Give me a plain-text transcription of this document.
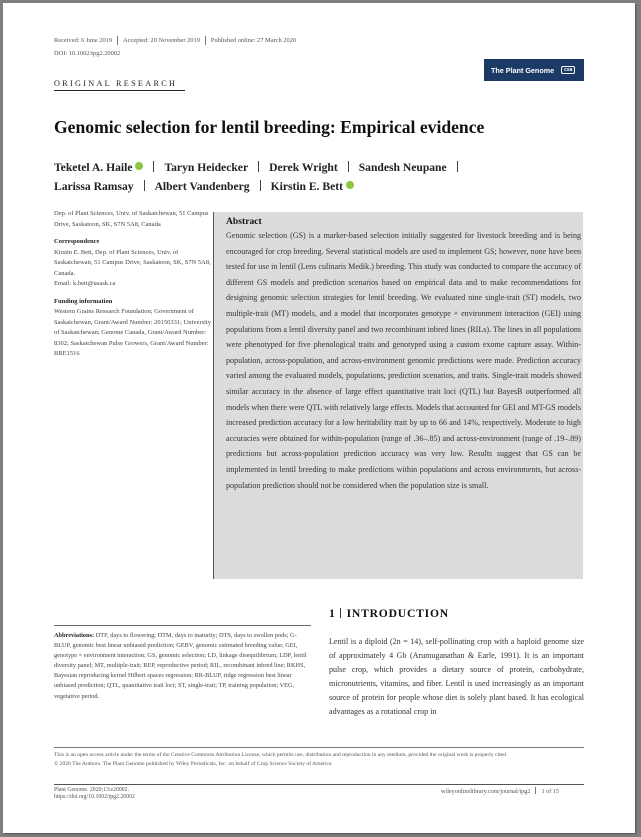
Received: 6 June 2019 Accepted: 20 November 2019 Published online: 27 March 2020
DOI: 10.1002/tpg2.20002
The Plant Genome	csa
ORIGINAL RESEARCH
Genomic selection for lentil breeding: Empirical evidence
Teketel A. Haile	Taryn Heidecker Derek Wright Sandesh Neupane
Larissa Ramsay Albert Vandenberg Kirstin E. Bett
Dep. of Plant Sciences, Univ. of Saskatchewan, 51 Campus Drive, Saskatoon, SK, S7N 5A8, Canada
Correspondence
Kirstin E. Bett, Dep. of Plant Sciences, Univ. of Saskatchewan, 51 Campus Drive, Saskatoon, SK, S7N 5A8, Canada.
Email: k.bett@usask.ca
Funding information
Western Grains Research Foundation; Government of Saskatchewan, Grant/Award Number: 20150331; University of Saskatchewan; Genome Canada, Grant/Award Number: 8302; Saskatchewan Pulse Growers, Grant/Award Number: BRE1516
Abstract
Genomic selection (GS) is a marker-based selection initially suggested for livestock breeding and is being encouraged for crop breeding. Several statistical models are used to implement GS; however, none have been tested for use in lentil (Lens culinaris Medik.) breeding. This study was conducted to compare the accuracy of different GS models and prediction scenarios based on empirical data and to make recommendations for designing genomic selection strategies for lentil breeding. We evaluated nine single-trait (ST) models, two multiple-trait (MT) models, and a model that incorporates genotype × environment interaction (GEI) using populations from a lentil diversity panel and two recombinant inbred lines (RILs). The lines in all populations were phenotyped for five phenological traits and genotyped using a custom exome capture assay. Within-population, across-population, and across-environment genomic predictions were made. Prediction accuracy varied among the evaluated models, populations, prediction scenarios, and traits. Single-trait models showed similar accuracy in the absence of large effect quantitative trait loci (QTL) but BayesB outperformed all models when there were QTL with relatively large effects. Models that accounted for GEI and MT-GS models increased prediction accuracy for a low heritability trait by up to 66 and 14%, respectively. Moderate to high accuracies were obtained for within-population (range of .36–.85) and across-environment (range of .19–.89) predictions but across-population prediction accuracy was very low. Results suggest that GS can be implemented in lentil breeding to make predictions within populations and across environments, but across-population prediction should not be considered when the population size is small.
Abbreviations: DTF, days to flowering; DTM, days to maturity; DTS, days to swollen pods; G-BLUP, genomic best linear unbiased prediction; GEBV, genomic estimated breeding value; GEI, genotype × environment interaction; GS, genomic selection; LD, linkage disequilibrium; LDP, lentil diversity panel; MT, multiple-trait; REP, reproductive period; RIL, recombinant inbred line; RKHS, Bayesian reproducing kernel Hilbert spaces regression; RR-BLUP, ridge regression best linear unbiased prediction; QTL, quantitative trait loci; ST, single-trait; TP, training population; VEG, vegetative period.
1 INTRODUCTION
Lentil is a diploid (2n = 14), self-pollinating crop with a haploid genome size of approximately 4 Gb (Arumuganathan & Earle, 1991). It is an important pulse crop, which provides a dietary source of protein, carbohydrate, micronutrients, vitamins, and fiber. Lentil is used increasingly as an important source of protein for people whose diet is solely plant based. It has ecological advantages as a rotational crop in
This is an open access article under the terms of the Creative Commons Attribution License, which permits use, distribution and reproduction in any medium, provided the original work is properly cited.
© 2020 The Authors. The Plant Genome published by Wiley Periodicals, Inc. on behalf of Crop Science Society of America
Plant Genome. 2020;13:e20002.
https://doi.org/10.1002/tpg2.20002
wileyonlinelibrary.com/journal/tpg2 1 of 15
